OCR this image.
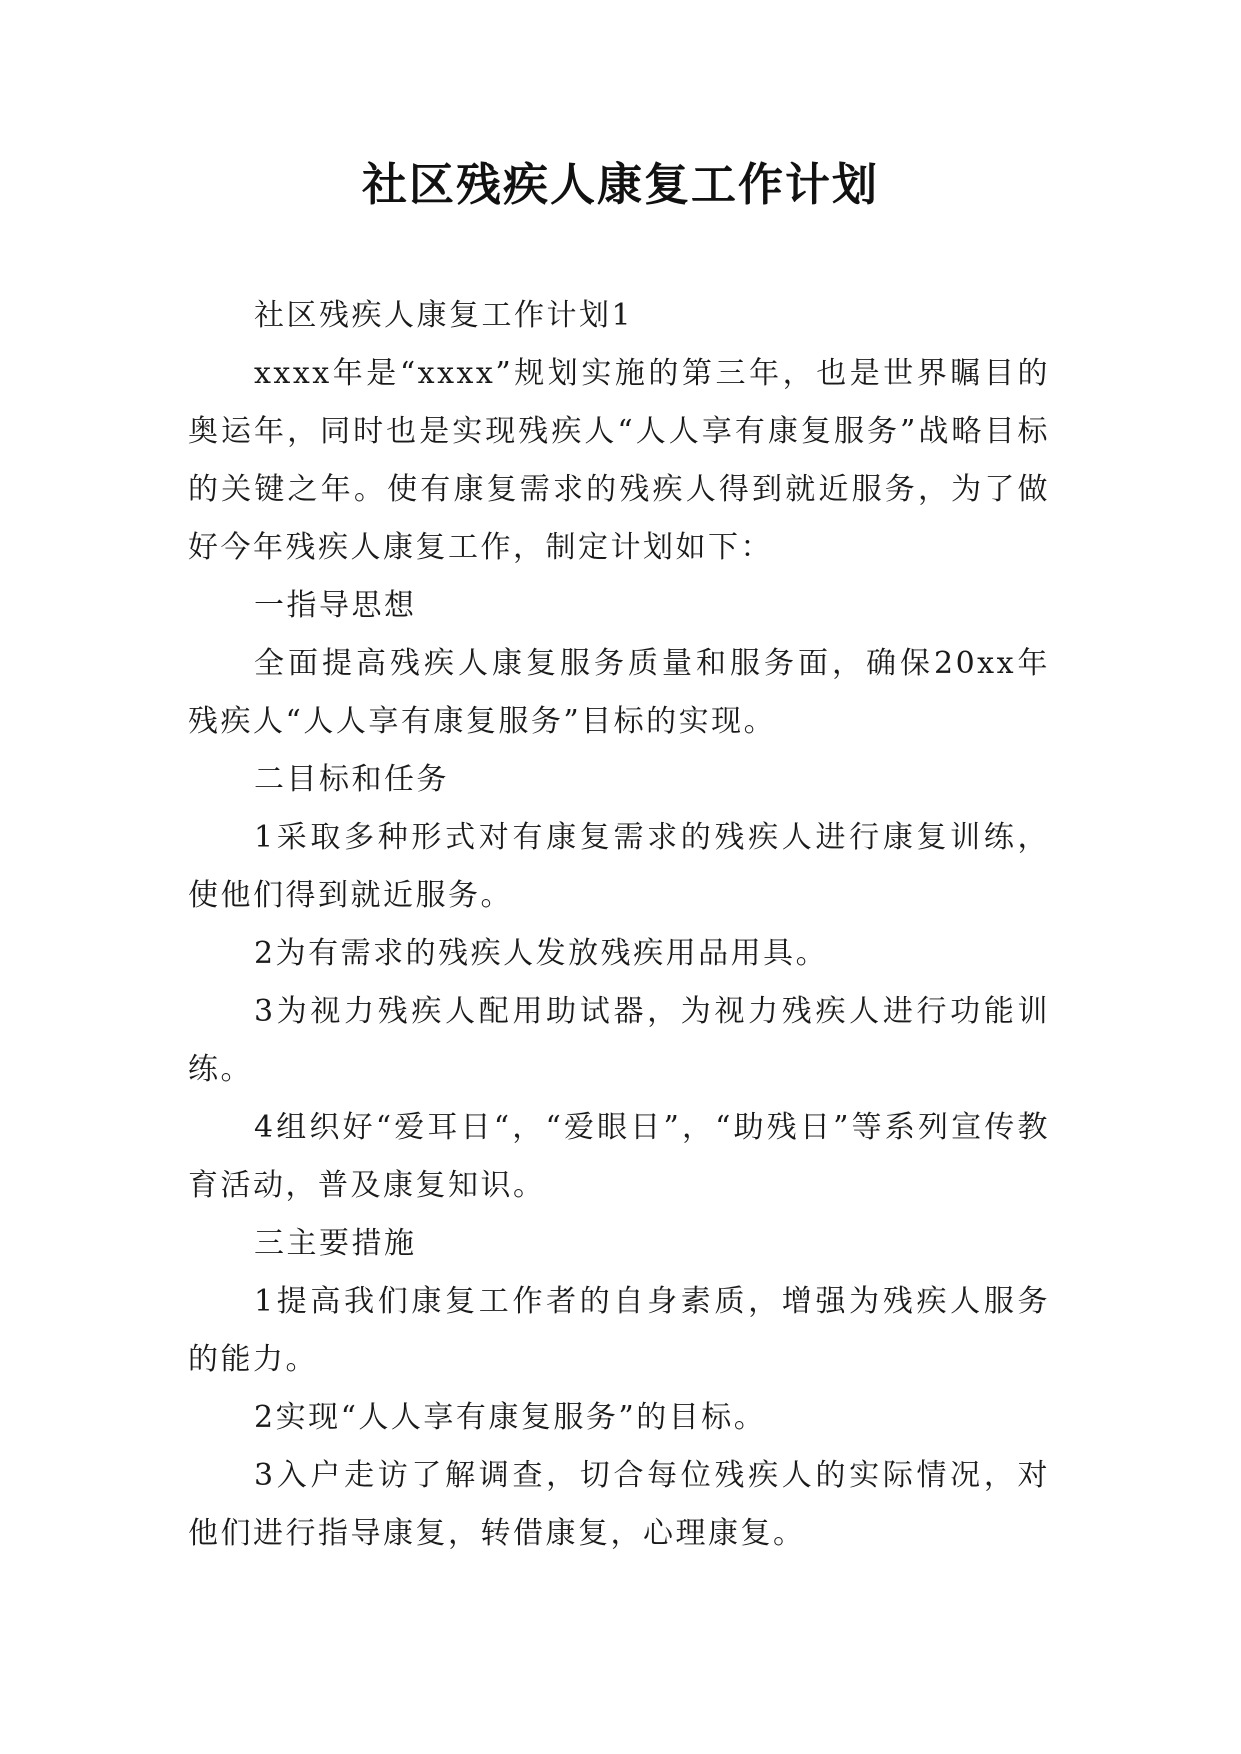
社区残疾人康复工作计划

社区残疾人康复工作计划1

xxxx年是“xxxx”规划实施的第三年，也是世界瞩目的奥运年，同时也是实现残疾人“人人享有康复服务”战略目标的关键之年。使有康复需求的残疾人得到就近服务，为了做好今年残疾人康复工作，制定计划如下：

一指导思想

全面提高残疾人康复服务质量和服务面，确保20xx年残疾人“人人享有康复服务”目标的实现。

二目标和任务

1采取多种形式对有康复需求的残疾人进行康复训练，使他们得到就近服务。

2为有需求的残疾人发放残疾用品用具。

3为视力残疾人配用助试器，为视力残疾人进行功能训练。

4组织好“爱耳日“，“爱眼日”，“助残日”等系列宣传教育活动，普及康复知识。

三主要措施

1提高我们康复工作者的自身素质，增强为残疾人服务的能力。

2实现“人人享有康复服务”的目标。

3入户走访了解调查，切合每位残疾人的实际情况，对他们进行指导康复，转借康复，心理康复。
